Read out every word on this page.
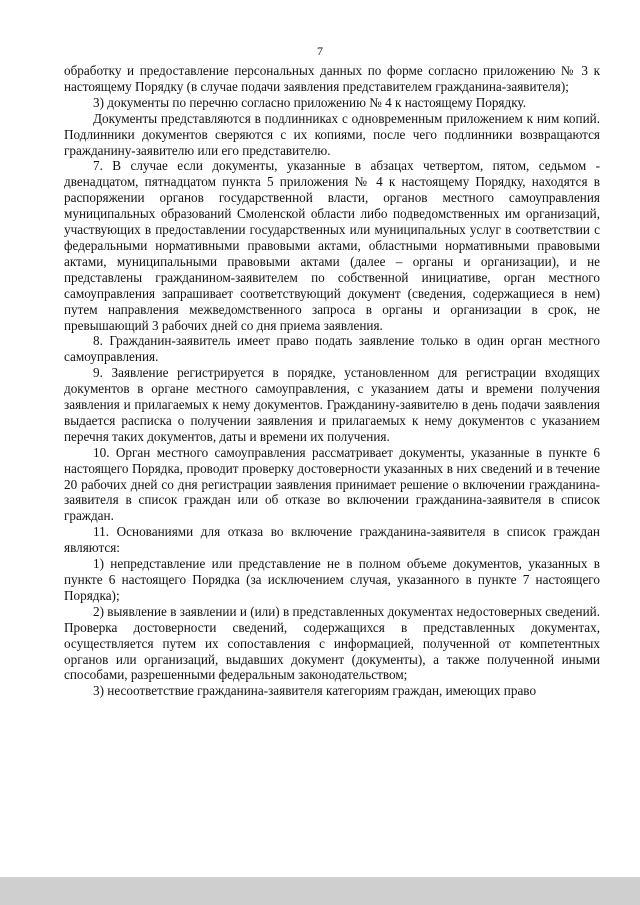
7

обработку и предоставление персональных данных по форме согласно приложению № 3 к настоящему Порядку (в случае подачи заявления представителем гражданина-заявителя);

3) документы по перечню согласно приложению № 4 к настоящему Порядку.

Документы представляются в подлинниках с одновременным приложением к ним копий. Подлинники документов сверяются с их копиями, после чего подлинники возвращаются гражданину-заявителю или его представителю.

7. В случае если документы, указанные в абзацах четвертом, пятом, седьмом - двенадцатом, пятнадцатом пункта 5 приложения № 4 к настоящему Порядку, находятся в распоряжении органов государственной власти, органов местного самоуправления муниципальных образований Смоленской области либо подведомственных им организаций, участвующих в предоставлении государственных или муниципальных услуг в соответствии с федеральными нормативными правовыми актами, областными нормативными правовыми актами, муниципальными правовыми актами (далее – органы и организации), и не представлены гражданином-заявителем по собственной инициативе, орган местного самоуправления запрашивает соответствующий документ (сведения, содержащиеся в нем) путем направления межведомственного запроса в органы и организации в срок, не превышающий 3 рабочих дней со дня приема заявления.

8. Гражданин-заявитель имеет право подать заявление только в один орган местного самоуправления.

9. Заявление регистрируется в порядке, установленном для регистрации входящих документов в органе местного самоуправления, с указанием даты и времени получения заявления и прилагаемых к нему документов. Гражданину-заявителю в день подачи заявления выдается расписка о получении заявления и прилагаемых к нему документов с указанием перечня таких документов, даты и времени их получения.

10. Орган местного самоуправления рассматривает документы, указанные в пункте 6 настоящего Порядка, проводит проверку достоверности указанных в них сведений и в течение 20 рабочих дней со дня регистрации заявления принимает решение о включении гражданина-заявителя в список граждан или об отказе во включении гражданина-заявителя в список граждан.

11. Основаниями для отказа во включение гражданина-заявителя в список граждан являются:

1) непредставление или представление не в полном объеме документов, указанных в пункте 6 настоящего Порядка (за исключением случая, указанного в пункте 7 настоящего Порядка);

2) выявление в заявлении и (или) в представленных документах недостоверных сведений. Проверка достоверности сведений, содержащихся в представленных документах, осуществляется путем их сопоставления с информацией, полученной от компетентных органов или организаций, выдавших документ (документы), а также полученной иными способами, разрешенными федеральным законодательством;

3) несоответствие гражданина-заявителя категориям граждан, имеющих право
